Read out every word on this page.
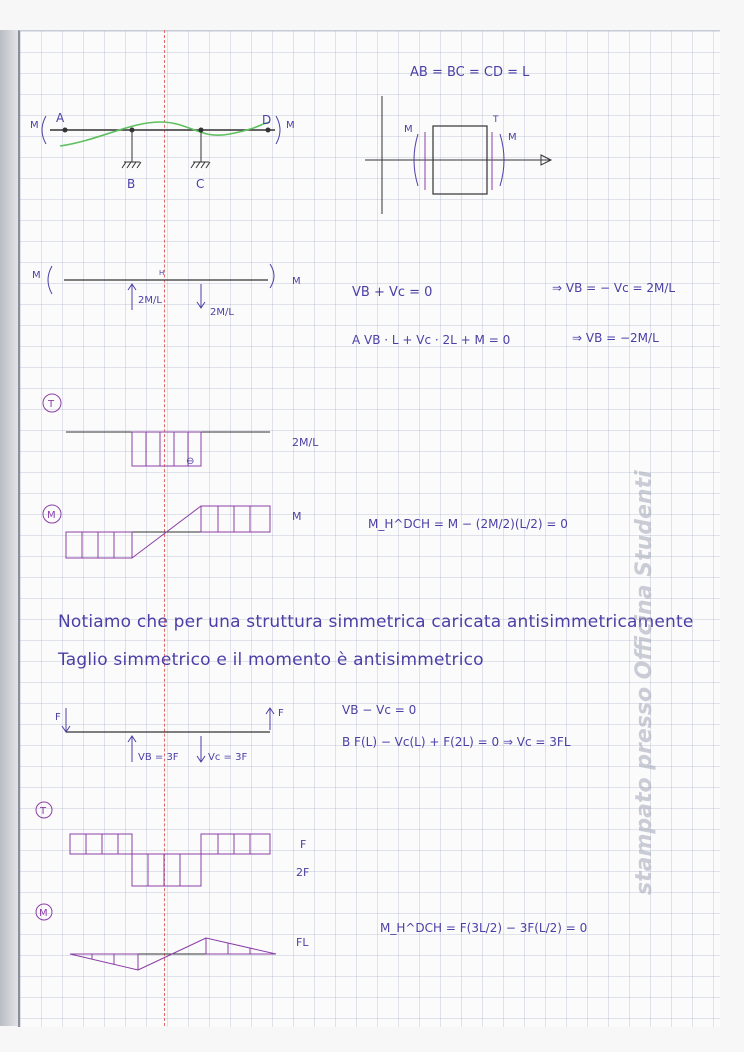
AB = BC = CD = L
A
B	C
D
M	M	M
M
T
M
M
H
2M/L
2M/L
VB + Vc = 0	⇒ VB = − Vc = 2M/L
A VB · L + Vc · 2L + M = 0	⇒ VB = −2M/L
T
⊖
2M/L
M	M
M_H^DCH = M − (2M/2)(L/2) = 0
F	F
VB = 3F	Vc = 3F
VB − Vc = 0
B F(L) − Vc(L) + F(2L) = 0 ⇒ Vc = 3FL
T
F
2F
M
FL
M_H^DCH = F(3L/2) − 3F(L/2) = 0
Notiamo che per una struttura simmetrica caricata antisimmetricamente
Taglio simmetrico e il momento è antisimmetrico	stampato presso Officina Studenti
